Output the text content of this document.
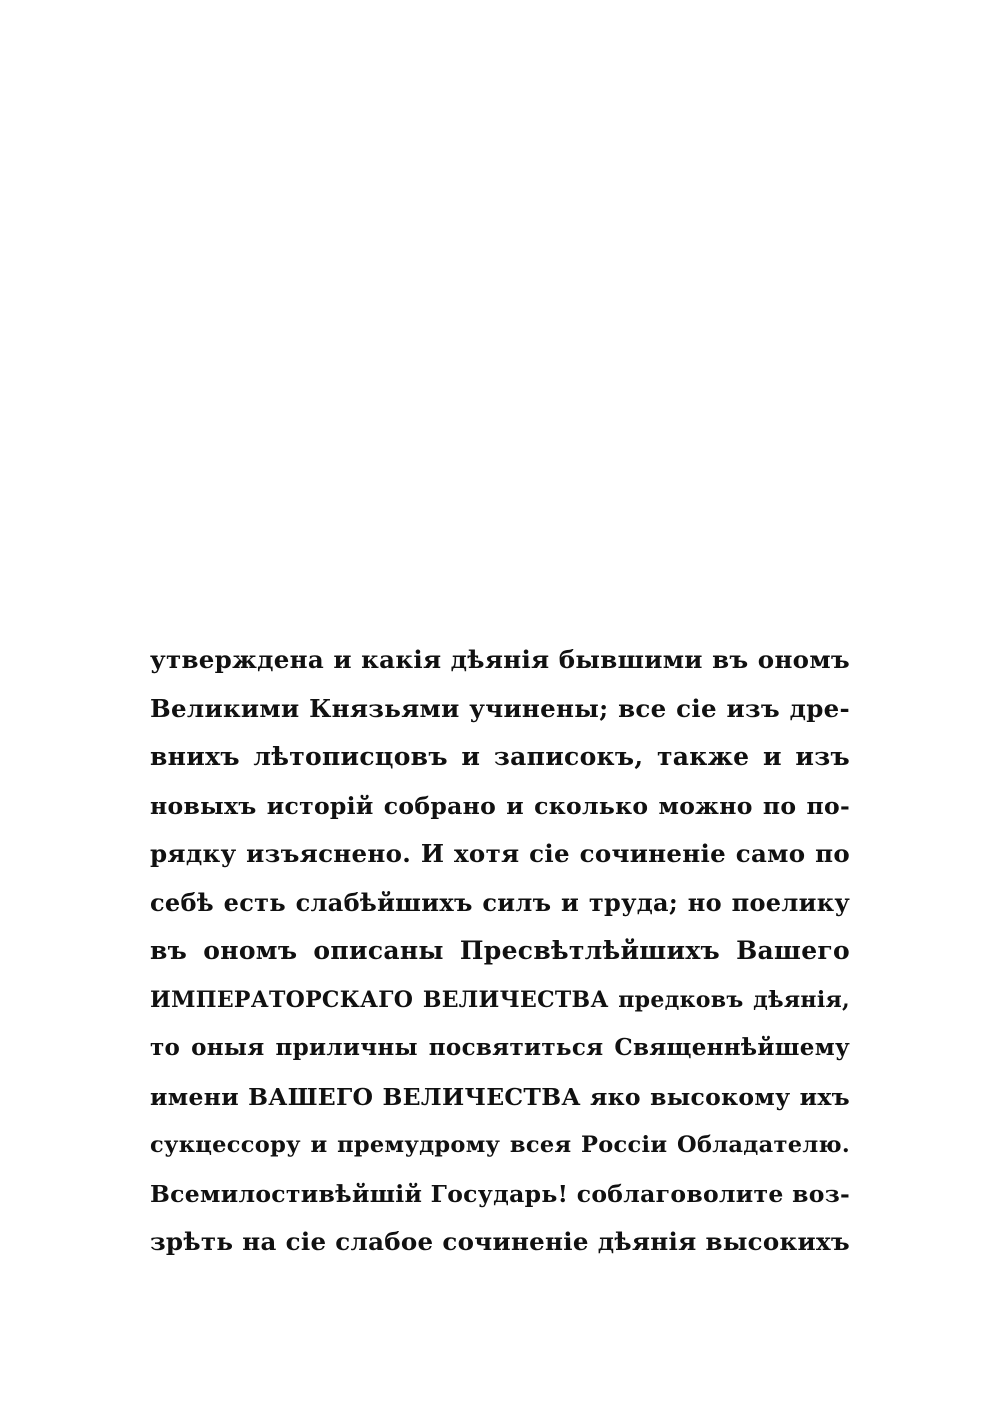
утверждена и какія дѣянія бывшими въ ономъ
Великими Князьями учинены; все сіе изъ дре-
внихъ лѣтописцовъ и записокъ, также и изъ
новыхъ исторій собрано и сколько можно по по-
рядку изъяснено. И хотя сіе сочиненіе само по
себѣ есть слабѣйшихъ силъ и труда; но поелику
въ ономъ описаны Пресвѣтлѣйшихъ Вашего
ИМПЕРАТОРСКАГО ВЕЛИЧЕСТВА предковъ дѣянія,
то оныя приличны посвятиться Священнѣйшему
имени ВАШЕГО ВЕЛИЧЕСТВА яко высокому ихъ
сукцессору и премудрому всея Россіи Обладателю.
Всемилостивѣйшій Государь! соблаговолите воз-
зрѣть на сіе слабое сочиненіе дѣянія высокихъ
